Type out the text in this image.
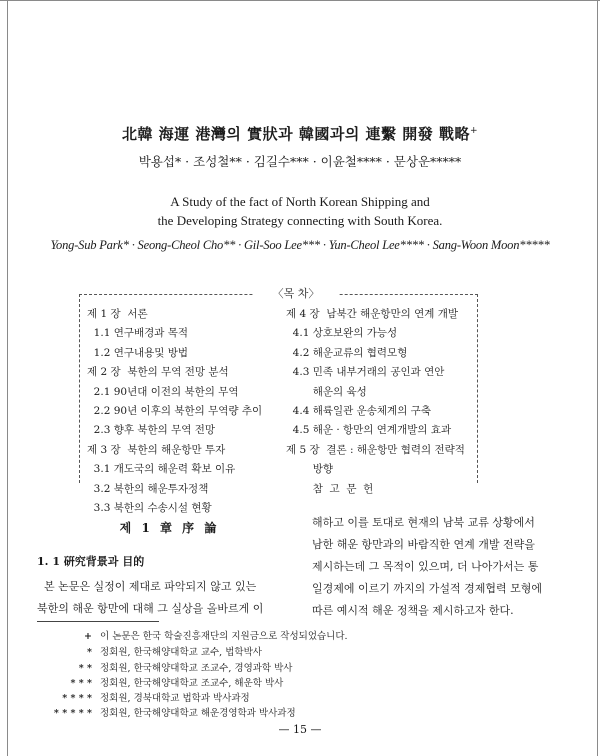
北韓 海運 港灣의 實狀과 韓國과의 連繫 開發 戰略+
박용섭* · 조성철** · 김길수*** · 이윤철**** · 문상운*****
A Study of the fact of North Korean Shipping and
the Developing Strategy connecting with South Korea.
Yong-Sub Park* · Seong-Cheol Cho** · Gil-Soo Lee*** · Yun-Cheol Lee**** · Sang-Woon Moon*****
〈목 차〉
제 1 장  서론
1.1 연구배경과 목적
1.2 연구내용및 방법
제 2 장  북한의 무역 전망 분석
2.1 90년대 이전의 북한의 무역
2.2 90년 이후의 북한의 무역량 추이
2.3 향후 북한의 무역 전망
제 3 장  북한의 해운항만 투자
3.1 개도국의 해운력 확보 이유
3.2 북한의 해운투자정책
3.3 북한의 수송시설 현황
제 4 장  남북간 해운항만의 연계 개발
4.1 상호보완의 가능성
4.2 해운교류의 협력모형
4.3 민족 내부거래의 공인과 연안
해운의 육성
4.4 해륙일관 운송체계의 구축
4.5 해운 · 항만의 연계개발의 효과
제 5 장  결론 : 해운항만 협력의 전략적
방향
참  고  문  헌
제 1 章 序 論
1. 1 硏究背景과 目的
본 논문은 실정이 제대로 파악되지 않고 있는
북한의 해운 항만에 대해 그 실상을 올바르게 이
해하고 이를 토대로 현재의 남북 교류 상황에서
남한 해운 항만과의 바람직한 연계 개발 전략을
제시하는데 그 목적이 있으며, 더 나아가서는 통
일경제에 이르기 까지의 가설적 경제협력 모형에
따른 예시적 해운 정책을 제시하고자 한다.
+ 이 논문은 한국 학술진흥재단의 지원금으로 작성되었습니다.
* 정회원, 한국해양대학교 교수, 법학박사
* * 정회원, 한국해양대학교 조교수, 경영과학 박사
* * * 정회원, 한국해양대학교 조교수, 해운학 박사
* * * * 정회원, 경북대학교 법학과 박사과정
* * * * * 정회원, 한국해양대학교 해운경영학과 박사과정
— 15 —
